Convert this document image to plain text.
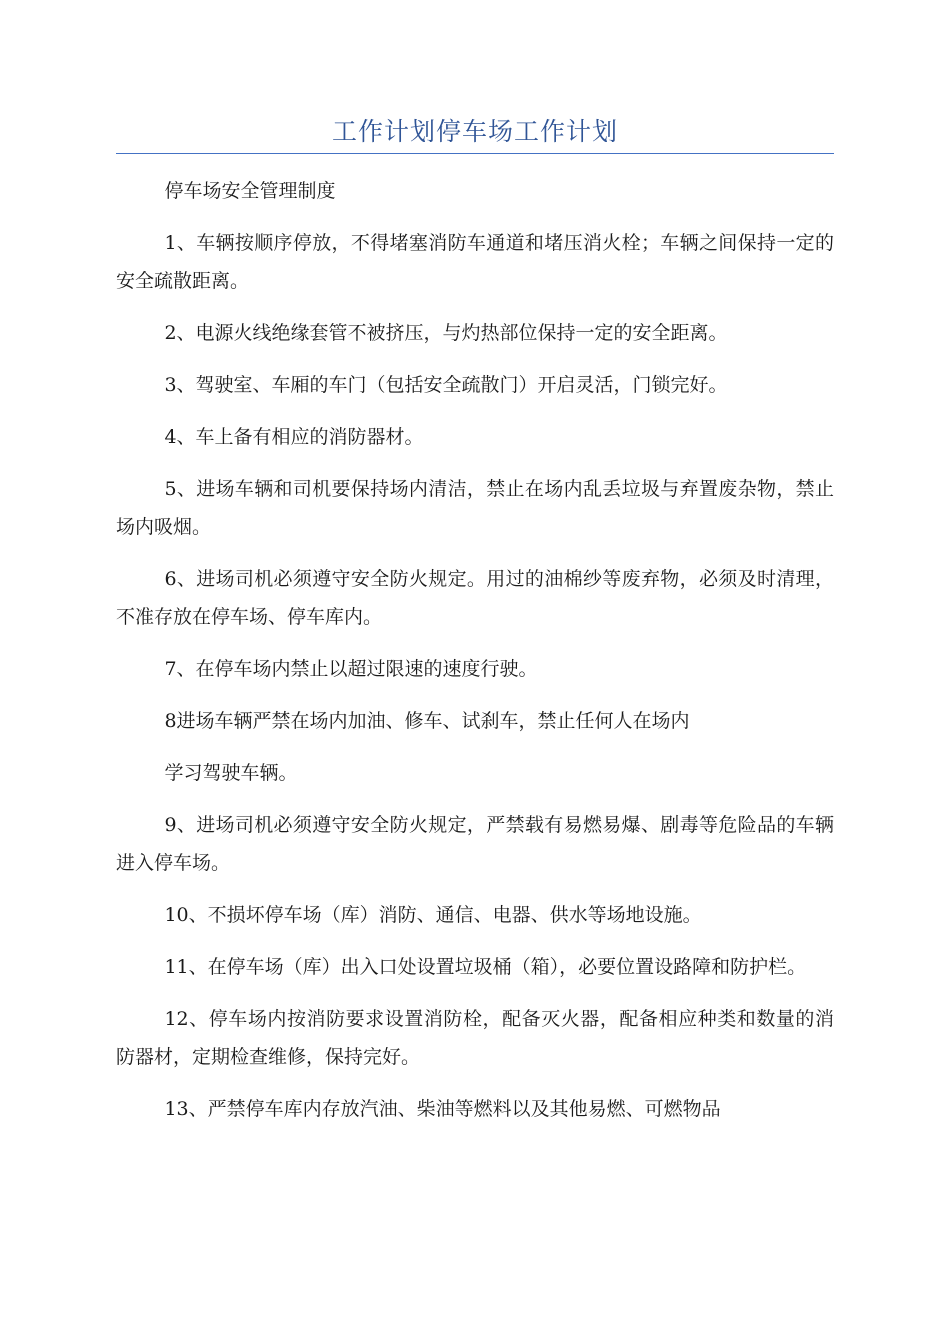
工作计划停车场工作计划

停车场安全管理制度

1、车辆按顺序停放，不得堵塞消防车通道和堵压消火栓；车辆之间保持一定的安全疏散距离。

2、电源火线绝缘套管不被挤压，与灼热部位保持一定的安全距离。

3、驾驶室、车厢的车门（包括安全疏散门）开启灵活，门锁完好。

4、车上备有相应的消防器材。

5、进场车辆和司机要保持场内清洁，禁止在场内乱丢垃圾与弃置废杂物，禁止场内吸烟。

6、进场司机必须遵守安全防火规定。用过的油棉纱等废弃物，必须及时清理，不准存放在停车场、停车库内。

7、在停车场内禁止以超过限速的速度行驶。

8进场车辆严禁在场内加油、修车、试刹车，禁止任何人在场内

学习驾驶车辆。

9、进场司机必须遵守安全防火规定，严禁载有易燃易爆、剧毒等危险品的车辆进入停车场。

10、不损坏停车场（库）消防、通信、电器、供水等场地设施。

11、在停车场（库）出入口处设置垃圾桶（箱），必要位置设路障和防护栏。

12、停车场内按消防要求设置消防栓，配备灭火器，配备相应种类和数量的消防器材，定期检查维修，保持完好。

13、严禁停车库内存放汽油、柴油等燃料以及其他易燃、可燃物品
